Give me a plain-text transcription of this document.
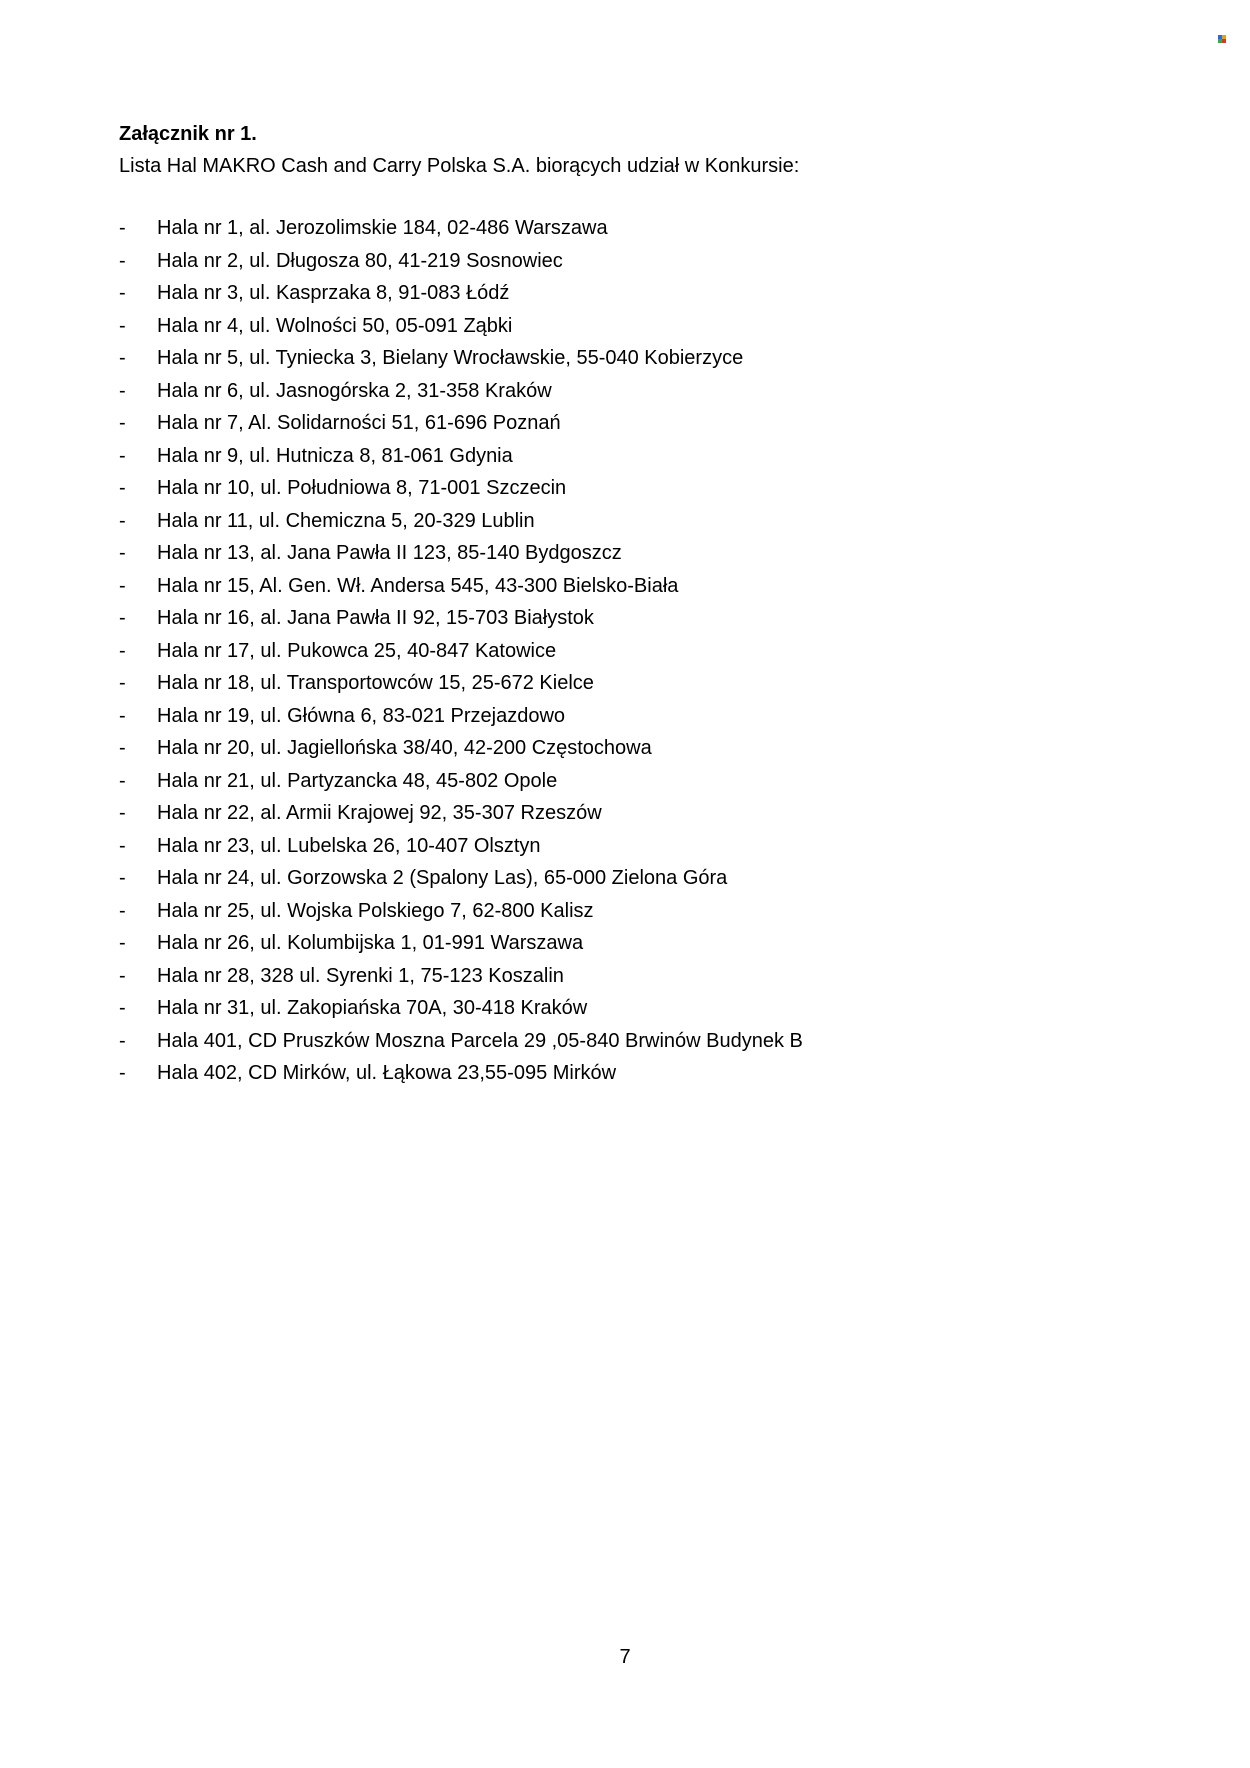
Załącznik nr 1.

Lista Hal MAKRO Cash and Carry Polska S.A. biorących udział w Konkursie:

- Hala nr 1, al. Jerozolimskie 184, 02-486 Warszawa
- Hala nr 2, ul. Długosza 80, 41-219 Sosnowiec
- Hala nr 3, ul. Kasprzaka 8, 91-083 Łódź
- Hala nr 4, ul. Wolności 50, 05-091 Ząbki
- Hala nr 5, ul. Tyniecka 3, Bielany Wrocławskie, 55-040 Kobierzyce
- Hala nr 6, ul. Jasnogórska 2, 31-358 Kraków
- Hala nr 7, Al. Solidarności 51, 61-696 Poznań
- Hala nr 9, ul. Hutnicza 8, 81-061 Gdynia
- Hala nr 10, ul. Południowa 8, 71-001 Szczecin
- Hala nr 11, ul. Chemiczna 5, 20-329 Lublin
- Hala nr 13, al. Jana Pawła II 123, 85-140 Bydgoszcz
- Hala nr 15, Al. Gen. Wł. Andersa 545, 43-300 Bielsko-Biała
- Hala nr 16, al. Jana Pawła II 92, 15-703 Białystok
- Hala nr 17, ul. Pukowca 25, 40-847 Katowice
- Hala nr 18, ul. Transportowców 15, 25-672 Kielce
- Hala nr 19, ul. Główna 6, 83-021 Przejazdowo
- Hala nr 20, ul. Jagiellońska 38/40, 42-200 Częstochowa
- Hala nr 21, ul. Partyzancka 48, 45-802 Opole
- Hala nr 22, al. Armii Krajowej 92, 35-307 Rzeszów
- Hala nr 23, ul. Lubelska 26, 10-407 Olsztyn
- Hala nr 24, ul. Gorzowska 2 (Spalony Las), 65-000 Zielona Góra
- Hala nr 25, ul. Wojska Polskiego 7, 62-800 Kalisz
- Hala nr 26, ul. Kolumbijska 1, 01-991 Warszawa
- Hala nr 28, 328 ul. Syrenki 1, 75-123 Koszalin
- Hala nr 31, ul. Zakopiańska 70A, 30-418 Kraków
- Hala 401, CD Pruszków Moszna Parcela 29 ,05-840 Brwinów Budynek B
- Hala 402, CD Mirków, ul. Łąkowa 23,55-095 Mirków
7
